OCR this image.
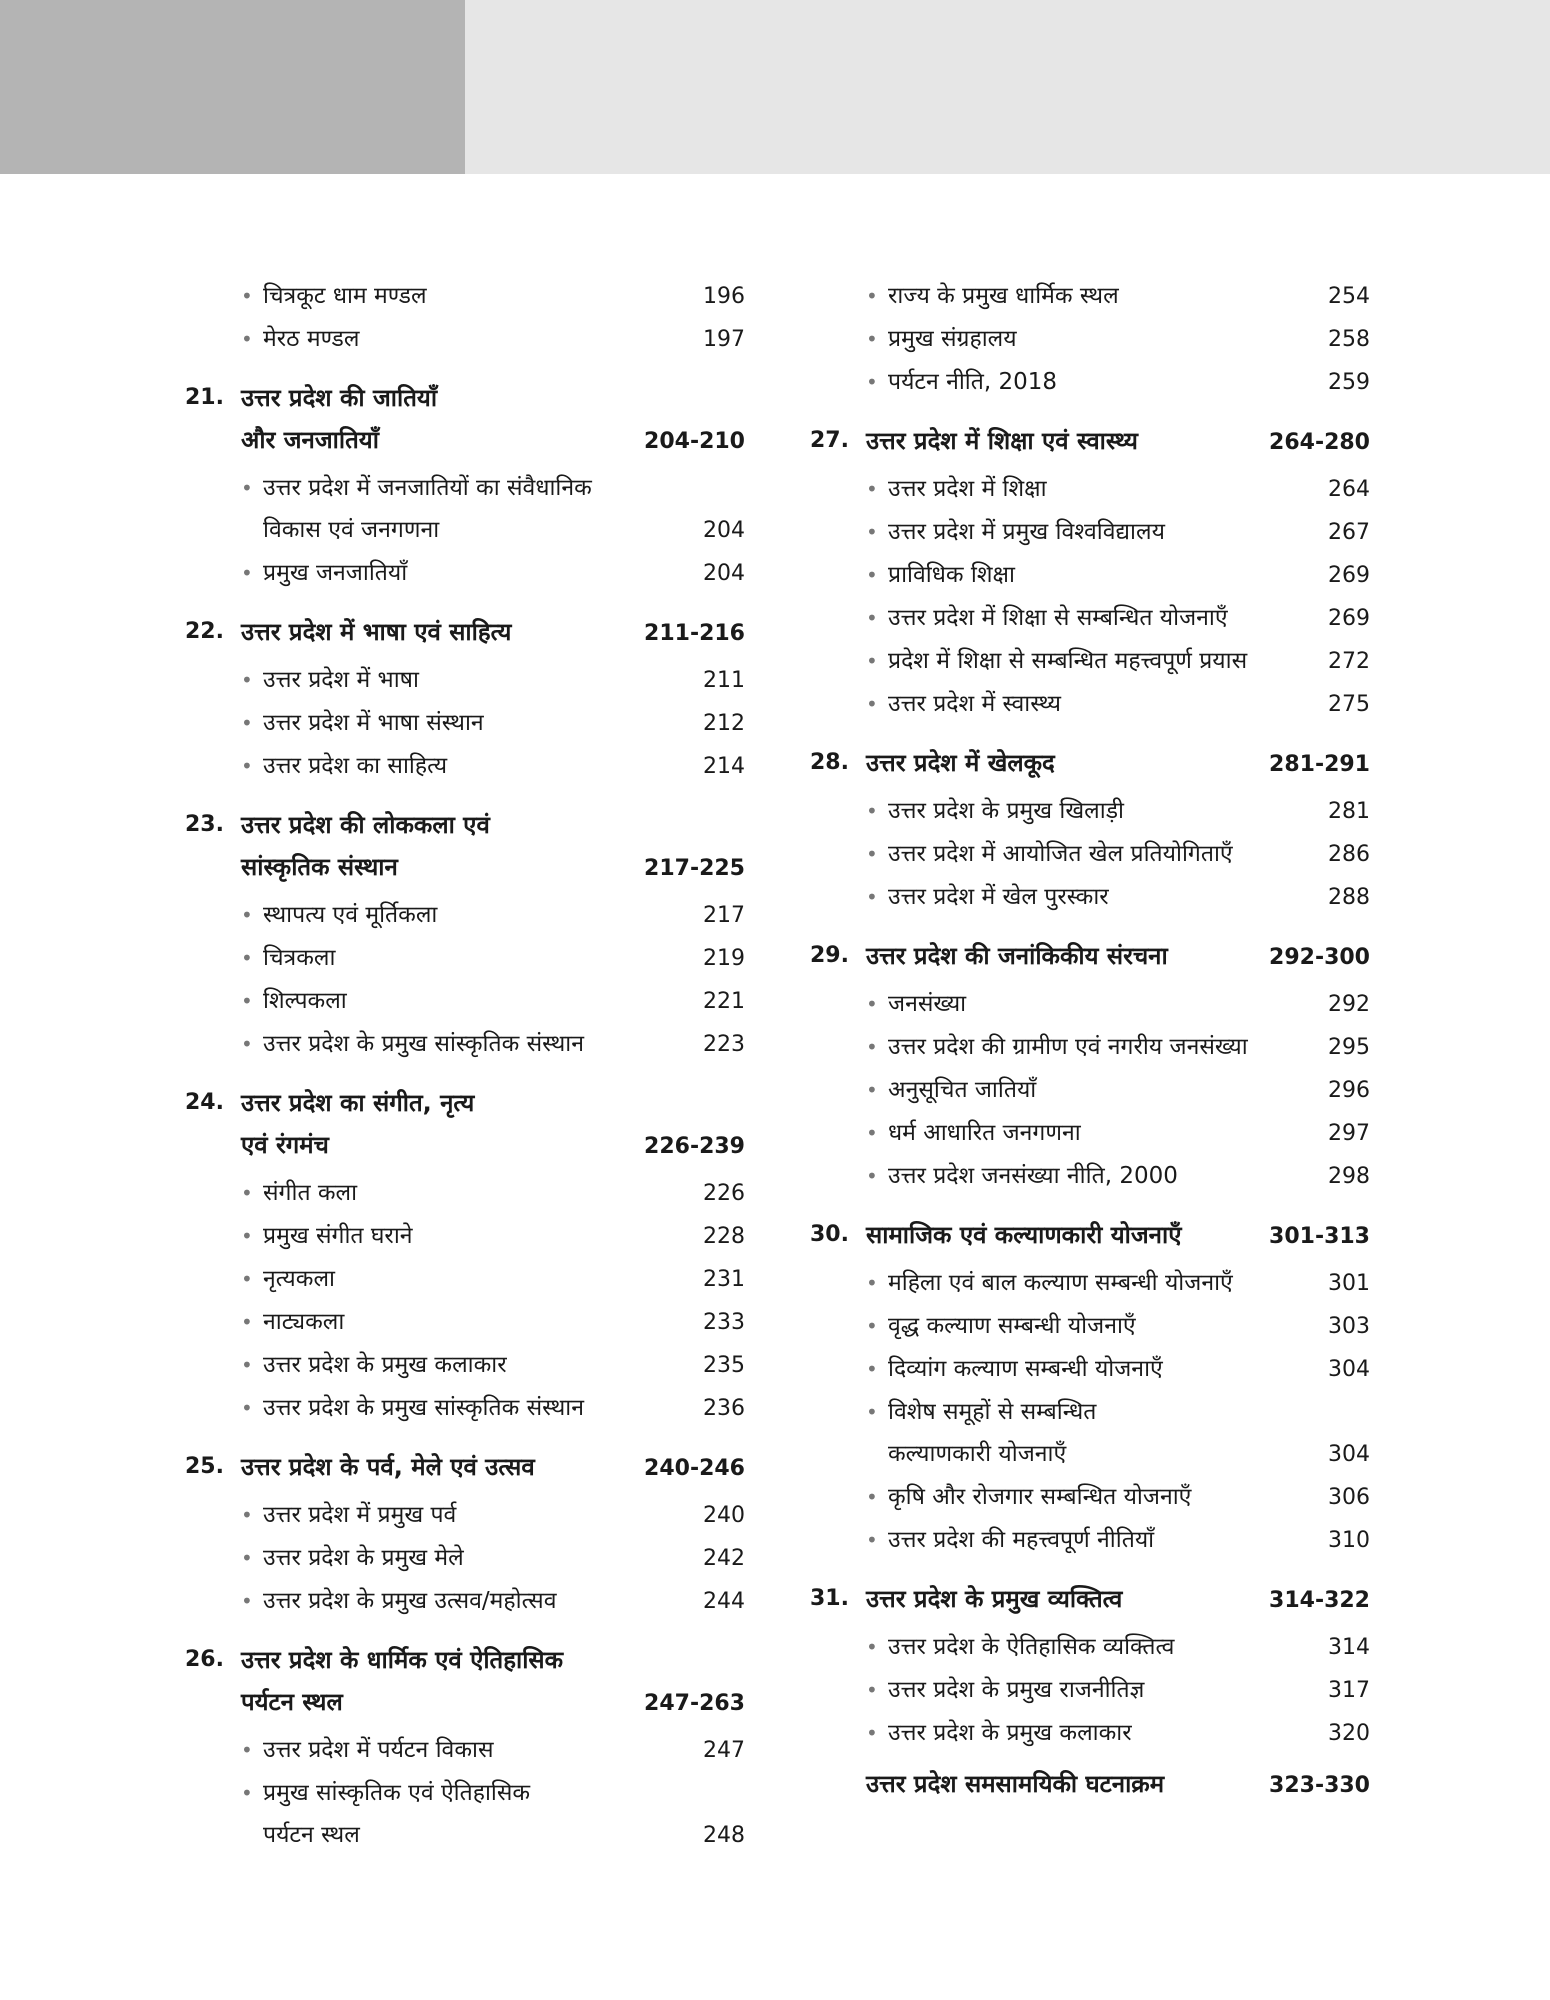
• चित्रकूट धाम मण्डल	196
• मेरठ मण्डल	197
21. उत्तर प्रदेश की जातियाँ
और जनजातियाँ	204-210
• उत्तर प्रदेश में जनजातियों का संवैधानिक
विकास एवं जनगणना	204
• प्रमुख जनजातियाँ	204
22. उत्तर प्रदेश में भाषा एवं साहित्य	211-216
• उत्तर प्रदेश में भाषा	211
• उत्तर प्रदेश में भाषा संस्थान	212
• उत्तर प्रदेश का साहित्य	214
23. उत्तर प्रदेश की लोककला एवं
सांस्कृतिक संस्थान	217-225
• स्थापत्य एवं मूर्तिकला	217
• चित्रकला	219
• शिल्पकला	221
• उत्तर प्रदेश के प्रमुख सांस्कृतिक संस्थान	223
24. उत्तर प्रदेश का संगीत, नृत्य
एवं रंगमंच	226-239
• संगीत कला	226
• प्रमुख संगीत घराने	228
• नृत्यकला	231
• नाट्यकला	233
• उत्तर प्रदेश के प्रमुख कलाकार	235
• उत्तर प्रदेश के प्रमुख सांस्कृतिक संस्थान	236
25. उत्तर प्रदेश के पर्व, मेले एवं उत्सव	240-246
• उत्तर प्रदेश में प्रमुख पर्व	240
• उत्तर प्रदेश के प्रमुख मेले	242
• उत्तर प्रदेश के प्रमुख उत्सव/महोत्सव	244
26. उत्तर प्रदेश के धार्मिक एवं ऐतिहासिक
पर्यटन स्थल	247-263
• उत्तर प्रदेश में पर्यटन विकास	247
• प्रमुख सांस्कृतिक एवं ऐतिहासिक
पर्यटन स्थल	248
• राज्य के प्रमुख धार्मिक स्थल	254
• प्रमुख संग्रहालय	258
• पर्यटन नीति, 2018	259
27. उत्तर प्रदेश में शिक्षा एवं स्वास्थ्य	264-280
• उत्तर प्रदेश में शिक्षा	264
• उत्तर प्रदेश में प्रमुख विश्वविद्यालय	267
• प्राविधिक शिक्षा	269
• उत्तर प्रदेश में शिक्षा से सम्बन्धित योजनाएँ	269
• प्रदेश में शिक्षा से सम्बन्धित महत्त्वपूर्ण प्रयास	272
• उत्तर प्रदेश में स्वास्थ्य	275
28. उत्तर प्रदेश में खेलकूद	281-291
• उत्तर प्रदेश के प्रमुख खिलाड़ी	281
• उत्तर प्रदेश में आयोजित खेल प्रतियोगिताएँ	286
• उत्तर प्रदेश में खेल पुरस्कार	288
29. उत्तर प्रदेश की जनांकिकीय संरचना	292-300
• जनसंख्या	292
• उत्तर प्रदेश की ग्रामीण एवं नगरीय जनसंख्या	295
• अनुसूचित जातियाँ	296
• धर्म आधारित जनगणना	297
• उत्तर प्रदेश जनसंख्या नीति, 2000	298
30. सामाजिक एवं कल्याणकारी योजनाएँ	301-313
• महिला एवं बाल कल्याण सम्बन्धी योजनाएँ	301
• वृद्ध कल्याण सम्बन्धी योजनाएँ	303
• दिव्यांग कल्याण सम्बन्धी योजनाएँ	304
• विशेष समूहों से सम्बन्धित
कल्याणकारी योजनाएँ	304
• कृषि और रोजगार सम्बन्धित योजनाएँ	306
• उत्तर प्रदेश की महत्त्वपूर्ण नीतियाँ	310
31. उत्तर प्रदेश के प्रमुख व्यक्तित्व	314-322
• उत्तर प्रदेश के ऐतिहासिक व्यक्तित्व	314
• उत्तर प्रदेश के प्रमुख राजनीतिज्ञ	317
• उत्तर प्रदेश के प्रमुख कलाकार	320
उत्तर प्रदेश समसामयिकी घटनाक्रम	323-330
